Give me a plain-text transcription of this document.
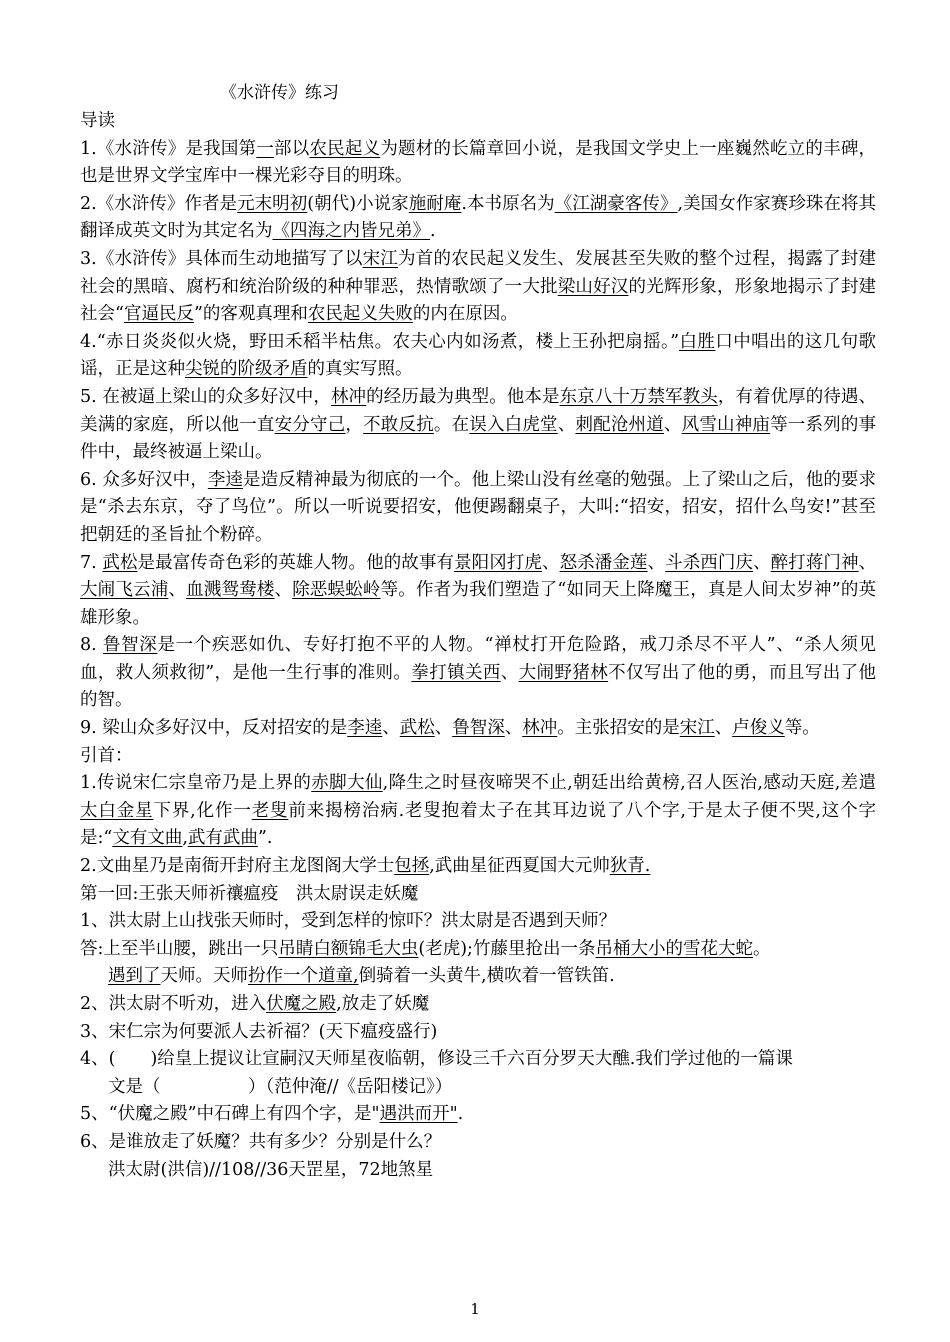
《水浒传》练习
导读

1.《水浒传》是我国第一部以农民起义为题材的长篇章回小说，是我国文学史上一座巍然屹立的丰碑，也是世界文学宝库中一棵光彩夺目的明珠。

2.《水浒传》作者是元末明初(朝代)小说家施耐庵.本书原名为《江湖豪客传》,美国女作家赛珍珠在将其翻译成英文时为其定名为《四海之内皆兄弟》.

3.《水浒传》具体而生动地描写了以宋江为首的农民起义发生、发展甚至失败的整个过程，揭露了封建社会的黑暗、腐朽和统治阶级的种种罪恶，热情歌颂了一大批梁山好汉的光辉形象，形象地揭示了封建社会“官逼民反”的客观真理和农民起义失败的内在原因。

4.“赤日炎炎似火烧，野田禾稻半枯焦。农夫心内如汤煮，楼上王孙把扇摇。”白胜口中唱出的这几句歌谣，正是这种尖锐的阶级矛盾的真实写照。

5. 在被逼上梁山的众多好汉中，林冲的经历最为典型。他本是东京八十万禁军教头，有着优厚的待遇、美满的家庭，所以他一直安分守己，不敢反抗。在误入白虎堂、刺配沧州道、风雪山神庙等一系列的事件中，最终被逼上梁山。

6. 众多好汉中，李逵是造反精神最为彻底的一个。他上梁山没有丝毫的勉强。上了梁山之后，他的要求是“杀去东京，夺了鸟位”。所以一听说要招安，他便踢翻桌子，大叫:“招安，招安，招什么鸟安!”甚至把朝廷的圣旨扯个粉碎。

7. 武松是最富传奇色彩的英雄人物。他的故事有景阳冈打虎、怒杀潘金莲、斗杀西门庆、醉打蒋门神、大闹飞云浦、血溅鸳鸯楼、除恶蜈蚣岭等。作者为我们塑造了“如同天上降魔王，真是人间太岁神”的英雄形象。

8. 鲁智深是一个疾恶如仇、专好打抱不平的人物。“禅杖打开危险路，戒刀杀尽不平人”、“杀人须见血，救人须救彻”，是他一生行事的准则。拳打镇关西、大闹野猪林不仅写出了他的勇，而且写出了他的智。

9. 梁山众多好汉中，反对招安的是李逵、武松、鲁智深、林冲。主张招安的是宋江、卢俊义等。

引首：

1.传说宋仁宗皇帝乃是上界的赤脚大仙,降生之时昼夜啼哭不止,朝廷出给黄榜,召人医治,感动天庭,差遣太白金星下界,化作一老叟前来揭榜治病.老叟抱着太子在其耳边说了八个字,于是太子便不哭,这个字是:“文有文曲,武有武曲”.

2.文曲星乃是南衙开封府主龙图阁大学士包拯,武曲星征西夏国大元帅狄青.

第一回:王张天师祈禳瘟疫　洪太尉误走妖魔

1、洪太尉上山找张天师时，受到怎样的惊吓？洪太尉是否遇到天师？

答:上至半山腰，跳出一只吊睛白额锦毛大虫(老虎);竹藤里抢出一条吊桶大小的雪花大蛇。

遇到了天师。天师扮作一个道童,倒骑着一头黄牛,横吹着一管铁笛.

2、洪太尉不听劝，进入伏魔之殿,放走了妖魔

3、宋仁宗为何要派人去祈福？(天下瘟疫盛行)

4、(　　)给皇上提议让宣嗣汉天师星夜临朝，修设三千六百分罗天大醮.我们学过他的一篇课

文是（　　　　　）（范仲淹//《岳阳楼记》）

5、“伏魔之殿”中石碑上有四个字，是"遇洪而开".

6、是谁放走了妖魔？共有多少？分别是什么？

洪太尉(洪信)//108//36天罡星，72地煞星

1
